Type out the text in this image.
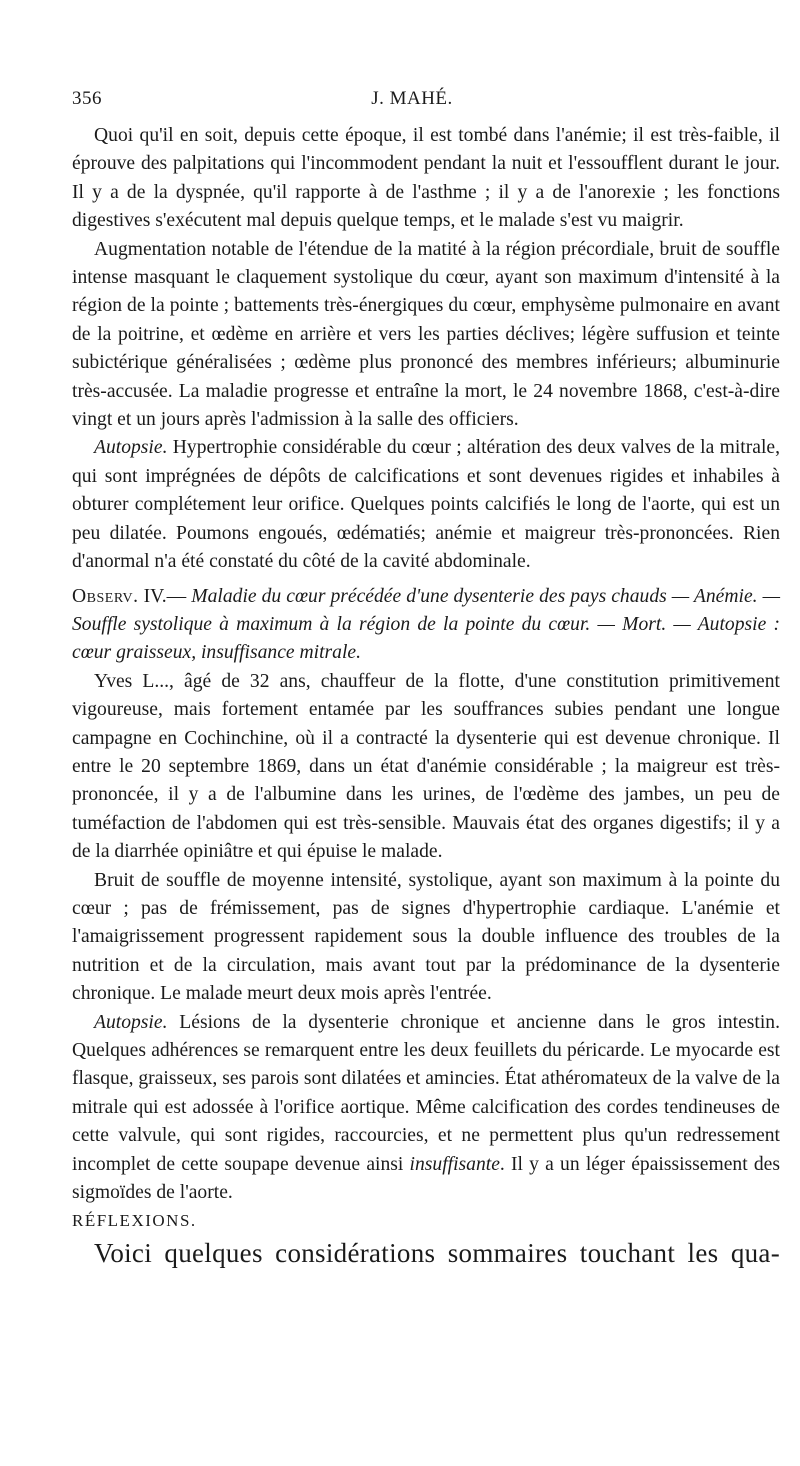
356	J. MAHÉ.

Quoi qu'il en soit, depuis cette époque, il est tombé dans l'anémie; il est très-faible, il éprouve des palpitations qui l'incommodent pendant la nuit et l'essoufflent durant le jour. Il y a de la dyspnée, qu'il rapporte à de l'asthme ; il y a de l'anorexie ; les fonctions digestives s'exécutent mal depuis quelque temps, et le malade s'est vu maigrir.

Augmentation notable de l'étendue de la matité à la région précordiale, bruit de souffle intense masquant le claquement systolique du cœur, ayant son maximum d'intensité à la région de la pointe ; battements très-énergiques du cœur, emphysème pulmonaire en avant de la poitrine, et œdème en arrière et vers les parties déclives; légère suffusion et teinte subictérique généralisées ; œdème plus prononcé des membres inférieurs; albuminurie très-accusée. La maladie progresse et entraîne la mort, le 24 novembre 1868, c'est-à-dire vingt et un jours après l'admission à la salle des officiers.

Autopsie. Hypertrophie considérable du cœur ; altération des deux valves de la mitrale, qui sont imprégnées de dépôts de calcifications et sont devenues rigides et inhabiles à obturer complétement leur orifice. Quelques points calcifiés le long de l'aorte, qui est un peu dilatée. Poumons engoués, œdématiés; anémie et maigreur très-prononcées. Rien d'anormal n'a été constaté du côté de la cavité abdominale.

Observ. IV.— Maladie du cœur précédée d'une dysenterie des pays chauds — Anémie. — Souffle systolique à maximum à la région de la pointe du cœur. — Mort. — Autopsie : cœur graisseux, insuffisance mitrale.

Yves L..., âgé de 32 ans, chauffeur de la flotte, d'une constitution primitivement vigoureuse, mais fortement entamée par les souffrances subies pendant une longue campagne en Cochinchine, où il a contracté la dysenterie qui est devenue chronique. Il entre le 20 septembre 1869, dans un état d'anémie considérable ; la maigreur est très-prononcée, il y a de l'albumine dans les urines, de l'œdème des jambes, un peu de tuméfaction de l'abdomen qui est très-sensible. Mauvais état des organes digestifs; il y a de la diarrhée opiniâtre et qui épuise le malade.

Bruit de souffle de moyenne intensité, systolique, ayant son maximum à la pointe du cœur ; pas de frémissement, pas de signes d'hypertrophie cardiaque. L'anémie et l'amaigrissement progressent rapidement sous la double influence des troubles de la nutrition et de la circulation, mais avant tout par la prédominance de la dysenterie chronique. Le malade meurt deux mois après l'entrée.

Autopsie. Lésions de la dysenterie chronique et ancienne dans le gros intestin. Quelques adhérences se remarquent entre les deux feuillets du péricarde. Le myocarde est flasque, graisseux, ses parois sont dilatées et amincies. État athéromateux de la valve de la mitrale qui est adossée à l'orifice aortique. Même calcification des cordes tendineuses de cette valvule, qui sont rigides, raccourcies, et ne permettent plus qu'un redressement incomplet de cette soupape devenue ainsi insuffisante. Il y a un léger épaississement des sigmoïdes de l'aorte.

RÉFLEXIONS.

Voici quelques considérations sommaires touchant les qua-
